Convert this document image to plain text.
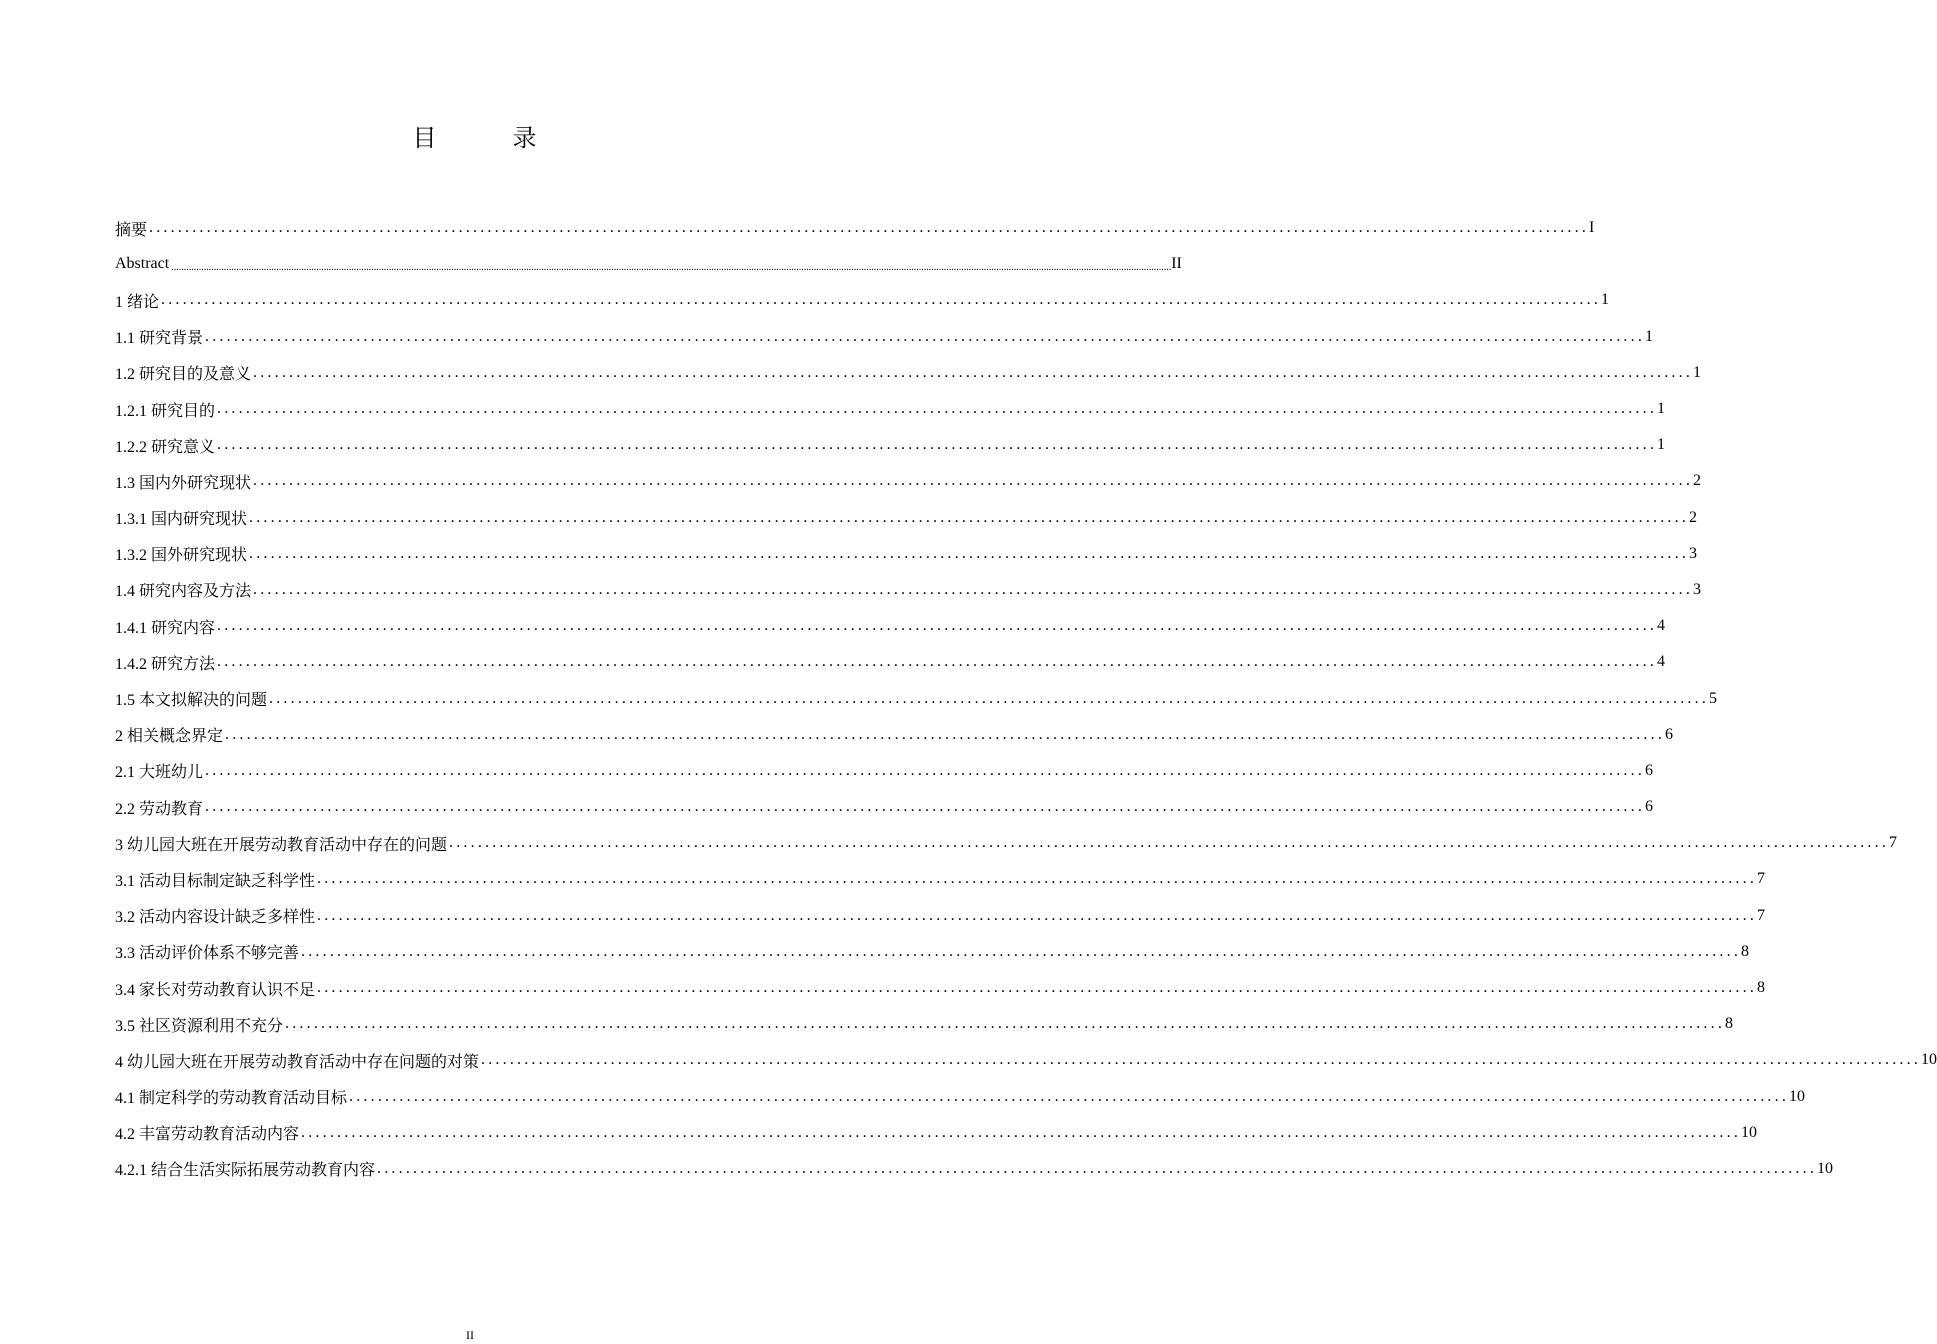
目　录
摘要 ........................................................................................................................................................................................................ I
Abstract ................................................................................................................................................................................................................................................................................................................................................................................................................ II
1 绪论 ........................................................................................................................................................................................................ 1
1.1 研究背景 ........................................................................................................................................................................................................ 1
1.2 研究目的及意义 ........................................................................................................................................................................................................ 1
1.2.1 研究目的 ........................................................................................................................................................................................................ 1
1.2.2 研究意义 ........................................................................................................................................................................................................ 1
1.3 国内外研究现状 ........................................................................................................................................................................................................ 2
1.3.1 国内研究现状 ........................................................................................................................................................................................................ 2
1.3.2 国外研究现状 ........................................................................................................................................................................................................ 3
1.4 研究内容及方法 ........................................................................................................................................................................................................ 3
1.4.1 研究内容 ........................................................................................................................................................................................................ 4
1.4.2 研究方法 ........................................................................................................................................................................................................ 4
1.5 本文拟解决的问题 ........................................................................................................................................................................................................ 5
2 相关概念界定 ........................................................................................................................................................................................................ 6
2.1 大班幼儿 ........................................................................................................................................................................................................ 6
2.2 劳动教育 ........................................................................................................................................................................................................ 6
3 幼儿园大班在开展劳动教育活动中存在的问题 ........................................................................................................................................................................................................ 7
3.1 活动目标制定缺乏科学性 ........................................................................................................................................................................................................ 7
3.2 活动内容设计缺乏多样性 ........................................................................................................................................................................................................ 7
3.3 活动评价体系不够完善 ........................................................................................................................................................................................................ 8
3.4 家长对劳动教育认识不足 ........................................................................................................................................................................................................ 8
3.5 社区资源利用不充分 ........................................................................................................................................................................................................ 8
4 幼儿园大班在开展劳动教育活动中存在问题的对策 ........................................................................................................................................................................................................ 10
4.1 制定科学的劳动教育活动目标 ........................................................................................................................................................................................................ 10
4.2 丰富劳动教育活动内容 ........................................................................................................................................................................................................ 10
4.2.1 结合生活实际拓展劳动教育内容 ........................................................................................................................................................................................................ 10
II
